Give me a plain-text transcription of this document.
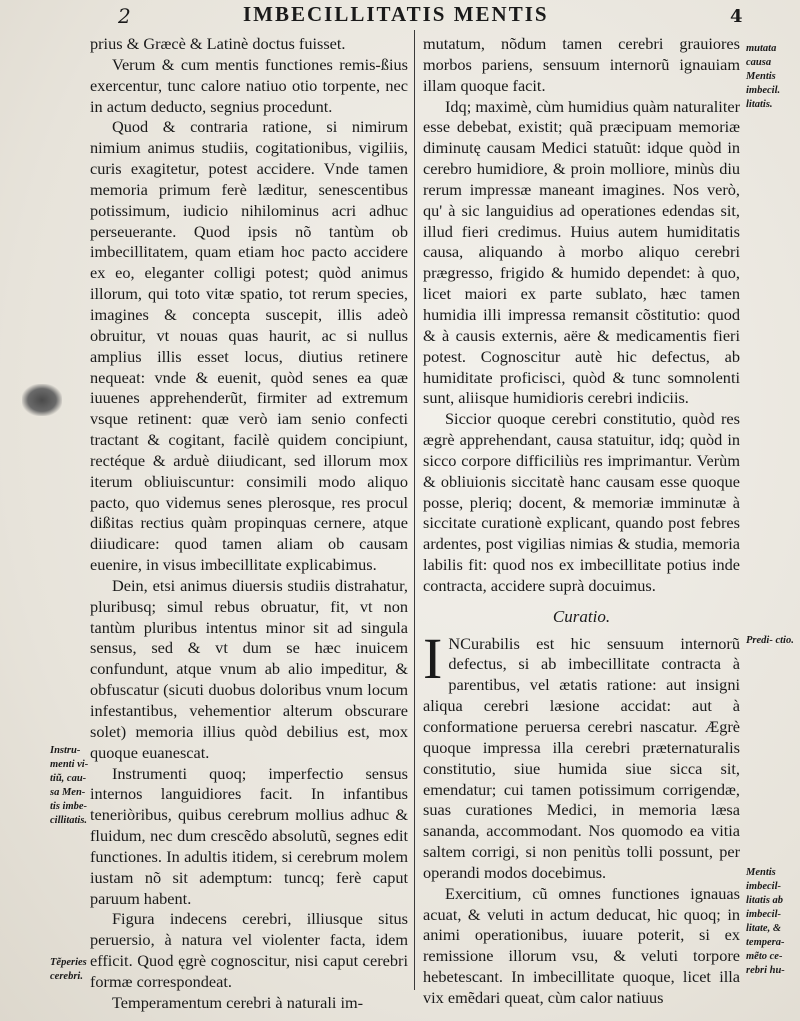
2	IMBECILLITATIS MENTIS	4

prius & Græcè & Latinè doctus fuisset.

Verum & cum mentis functiones remis-ßius exercentur, tunc calore natiuo otio torpente, nec in actum deducto, segnius procedunt.

Quod & contraria ratione, si nimirum nimium animus studiis, cogitationibus, vigiliis, curis exagitetur, potest accidere. Vnde tamen memoria primum ferè læditur, senescentibus potissimum, iudicio nihilominus acri adhuc perseuerante. Quod ipsis nõ tantùm ob imbecillitatem, quam etiam hoc pacto accidere ex eo, eleganter colligi potest; quòd animus illorum, qui toto vitæ spatio, tot rerum species, imagines & concepta suscepit, illis adeò obruitur, vt nouas quas haurit, ac si nullus amplius illis esset locus, diutius retinere nequeat: vnde & euenit, quòd senes ea quæ iuuenes apprehenderũt, firmiter ad extremum vsque retinent: quæ verò iam senio confecti tractant & cogitant, facilè quidem concipiunt, rectéque & arduè diiudicant, sed illorum mox iterum obliuiscuntur: consimili modo aliquo pacto, quo videmus senes plerosque, res procul dißitas rectius quàm propinquas cernere, atque diiudicare: quod tamen aliam ob causam euenire, in visus imbecillitate explicabimus.

Dein, etsi animus diuersis studiis distrahatur, pluribusq; simul rebus obruatur, fit, vt non tantùm pluribus intentus minor sit ad singula sensus, sed & vt dum se hæc inuicem confundunt, atque vnum ab alio impeditur, & obfuscatur (sicuti duobus doloribus vnum locum infestantibus, vehementior alterum obscurare solet) memoria illius quòd debilius est, mox quoque euanescat.

Instrumenti quoq; imperfectio sensus internos languidiores facit. In infantibus teneriòribus, quibus cerebrum mollius adhuc & fluidum, nec dum crescẽdo absolutũ, segnes edit functiones. In adultis itidem, si cerebrum molem iustam nõ sit ademptum: tuncq; ferè caput paruum habent.

Figura indecens cerebri, illiusque situs peruersio, à natura vel violenter facta, idem efficit. Quod ęgrè cognoscitur, nisi caput cerebri formæ correspondeat.

Temperamentum cerebri à naturali im-

mutatum, nõdum tamen cerebri grauiores morbos pariens, sensuum internorũ ignauiam illam quoque facit.

Idq; maximè, cùm humidius quàm naturaliter esse debebat, existit; quã præcipuam memoriæ diminutę causam Medici statuũt: idque quòd in cerebro humidiore, & proin molliore, minùs diu rerum impressæ maneant imagines. Nos verò, qu' à sic languidius ad operationes edendas sit, illud fieri credimus. Huius autem humiditatis causa, aliquando à morbo aliquo cerebri prægresso, frigido & humido dependet: à quo, licet maiori ex parte sublato, hæc tamen humidia illi impressa remansit cõstitutio: quod & à causis externis, aëre & medicamentis fieri potest. Cognoscitur autè hic defectus, ab humiditate proficisci, quòd & tunc somnolenti sunt, aliisque humidioris cerebri indiciis.

Siccior quoque cerebri constitutio, quòd res ægrè apprehendant, causa statuitur, idq; quòd in sicco corpore difficiliùs res imprimantur. Verùm & obliuionis siccitatè hanc causam esse quoque posse, pleriq; docent, & memoriæ imminutæ à siccitate curationè explicant, quando post febres ardentes, post vigilias nimias & studia, memoria labilis fit: quod nos ex imbecillitate potius inde contracta, accidere suprà docuimus.

Curatio.

I NCurabilis est hic sensuum internorũ defectus, si ab imbecillitate contracta à parentibus, vel ætatis ratione: aut insigni aliqua cerebri læsione accidat: aut à conformatione peruersa cerebri nascatur. Ægrè quoque impressa illa cerebri præternaturalis constitutio, siue humida siue sicca sit, emendatur; cui tamen potissimum corrigendæ, suas curationes Medici, in memoria læsa sananda, accommodant. Nos quomodo ea vitia saltem corrigi, si non penitùs tolli possunt, per operandi modos docebimus.

Exercitium, cũ omnes functiones ignauas acuat, & veluti in actum deducat, hic quoq; in animi operationibus, iuuare poterit, si ex remissione illorum vsu, & veluti torpore hebetescant. In imbecillitate quoque, licet illa vix emẽdari queat, cùm calor natiuus

mutata causa Mentis imbecil. litatis.
Predi- ctio.
Mentis imbecil- litatis ab imbecil- litate, & tempera- mẽto ce- rebri hu-
Instru- menti vi- tiũ, cau- sa Men- tis imbe- cillitatis.
Tẽperies cerebri.
